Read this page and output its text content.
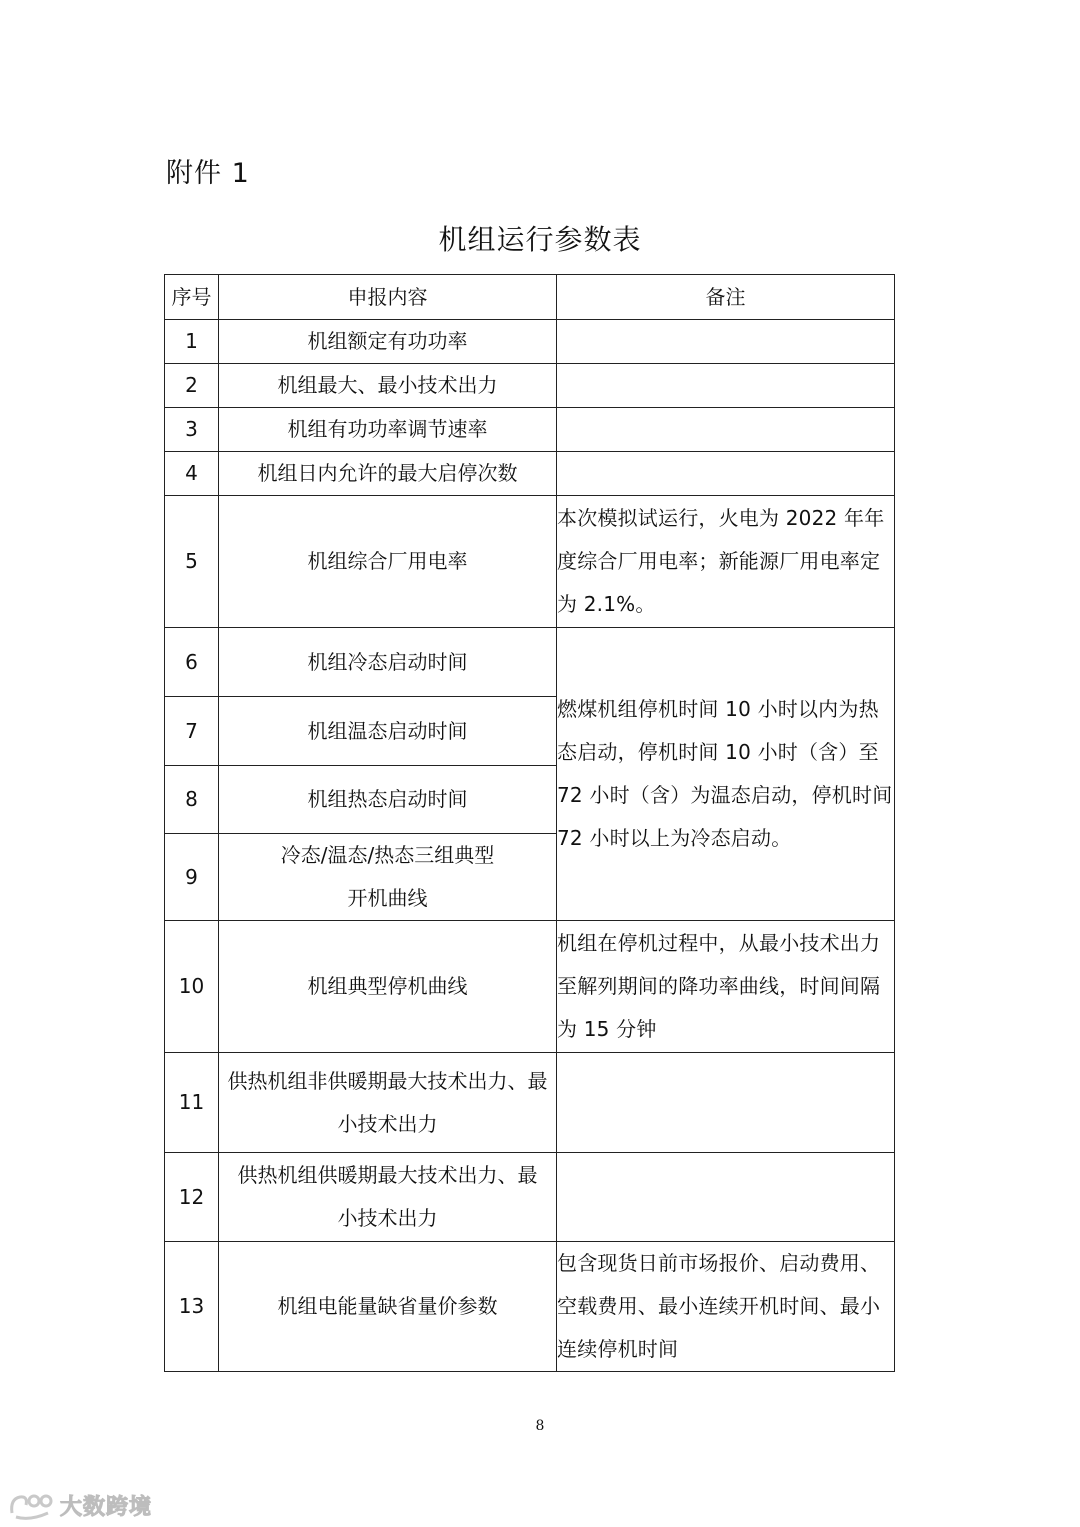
附件 1
机组运行参数表
序号	申报内容	备注
1	机组额定有功功率	
2	机组最大、最小技术出力	
3	机组有功功率调节速率	
4	机组日内允许的最大启停次数	
5	机组综合厂用电率	本次模拟试运行，火电为 2022 年年度综合厂用电率；新能源厂用电率定为 2.1%。
6	机组冷态启动时间	燃煤机组停机时间 10 小时以内为热态启动，停机时间 10 小时（含）至 72 小时（含）为温态启动，停机时间 72 小时以上为冷态启动。
7	机组温态启动时间	
8	机组热态启动时间	
9	冷态/温态/热态三组典型开机曲线	
10	机组典型停机曲线	机组在停机过程中，从最小技术出力至解列期间的降功率曲线，时间间隔为 15 分钟
11	供热机组非供暖期最大技术出力、最小技术出力	
12	供热机组供暖期最大技术出力、最小技术出力	
13	机组电能量缺省量价参数	包含现货日前市场报价、启动费用、空载费用、最小连续开机时间、最小连续停机时间
8
大数跨境
